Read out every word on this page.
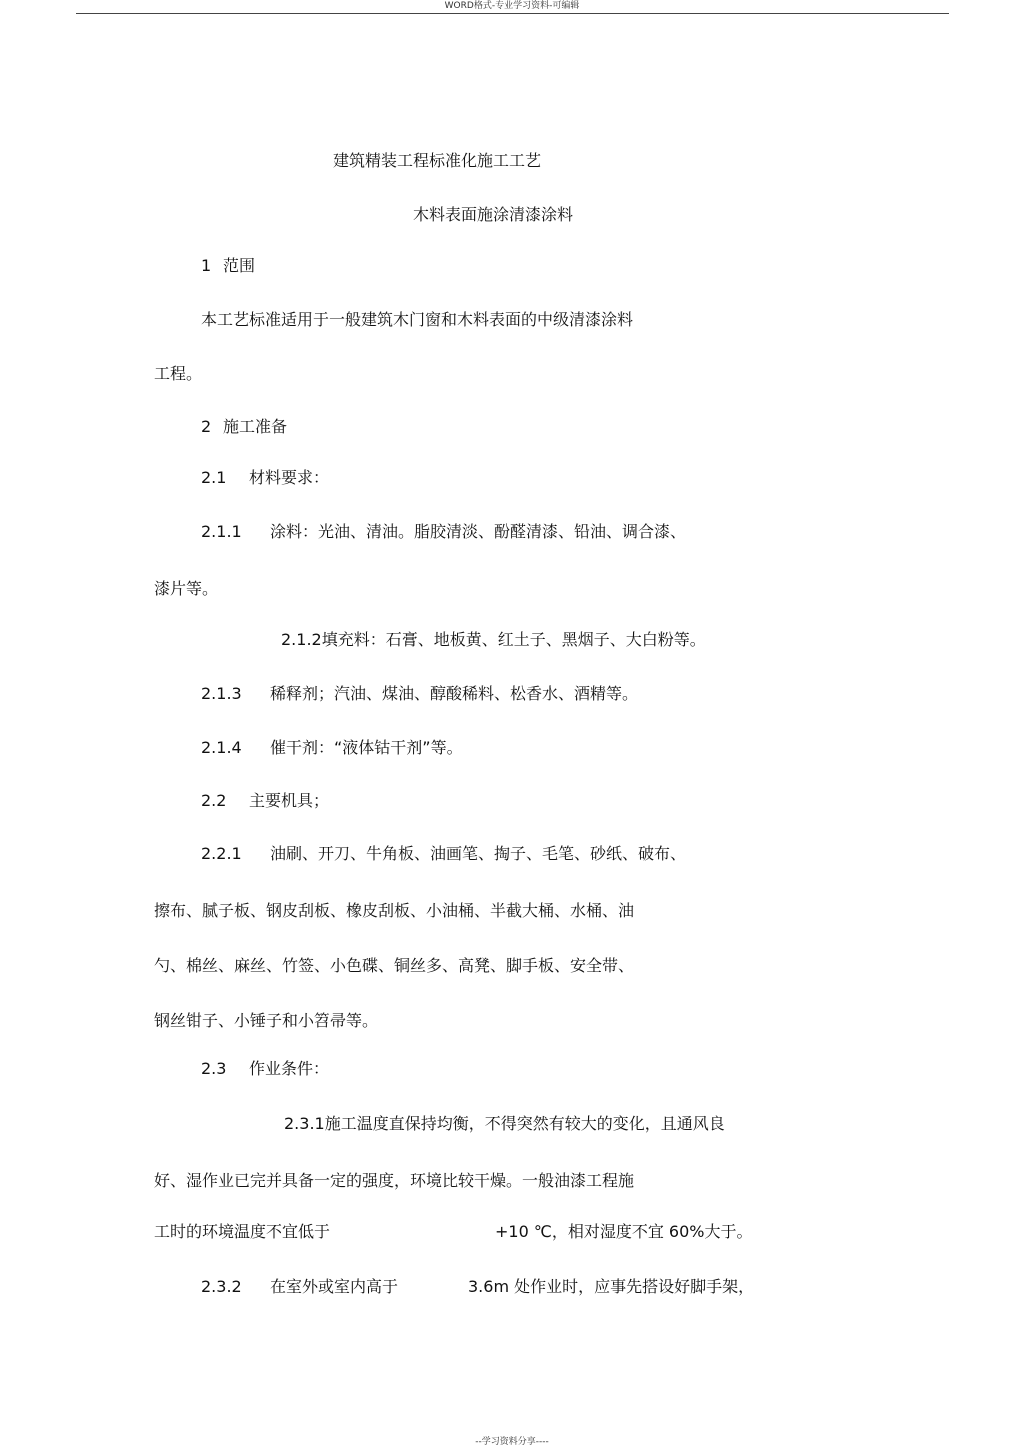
WORD格式-专业学习资料-可编辑
建筑精装工程标准化施工工艺
木料表面施涂清漆涂料
1 范围
本工艺标准适用于一般建筑木门窗和木料表面的中级清漆涂料
工程。
2 施工准备
2.1 材料要求：
2.1.1 涂料：光油、清油。脂胶清淡、酚醛清漆、铅油、调合漆、
漆片等。
2.1.2填充料：石膏、地板黄、红土子、黑烟子、大白粉等。
2.1.3 稀释剂；汽油、煤油、醇酸稀料、松香水、酒精等。
2.1.4 催干剂：“液体钴干剂”等。
2.2 主要机具；
2.2.1 油刷、开刀、牛角板、油画笔、掏子、毛笔、砂纸、破布、
擦布、腻子板、钢皮刮板、橡皮刮板、小油桶、半截大桶、水桶、油
勺、棉丝、麻丝、竹签、小色碟、铜丝多、高凳、脚手板、安全带、
钢丝钳子、小锤子和小笤帚等。
2.3 作业条件：
2.3.1施工温度直保持均衡，不得突然有较大的变化，且通风良
好、湿作业已完并具备一定的强度，环境比较干燥。一般油漆工程施
工时的环境温度不宜低于	+10 ℃，相对湿度不宜 60%大于。
2.3.2 在室外或室内高于	3.6m 处作业时，应事先搭设好脚手架，
--学习资料分享----
